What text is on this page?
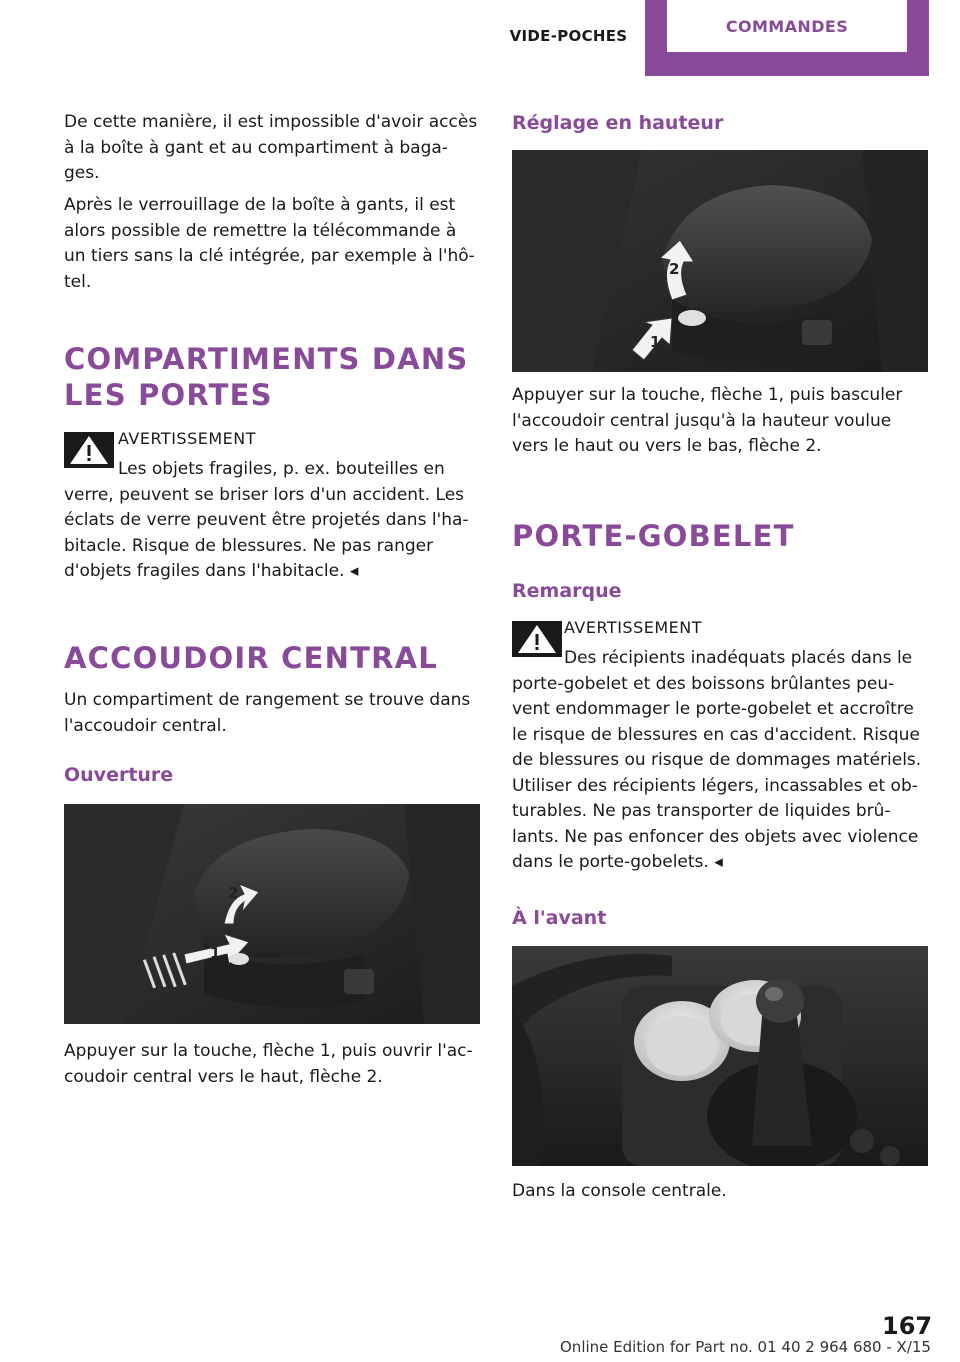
VIDE-POCHES
COMMANDES

De cette manière, il est impossible d'avoir accès à la boîte à gant et au compartiment à baga‐ges.

Après le verrouillage de la boîte à gants, il est alors possible de remettre la télécommande à un tiers sans la clé intégrée, par exemple à l'hô‐tel.

COMPARTIMENTS DANS LES PORTES
AVERTISSEMENT

Les objets fragiles, p. ex. bouteilles en verre, peuvent se briser lors d'un accident. Les éclats de verre peuvent être projetés dans l'ha‐bitacle. Risque de blessures. Ne pas ranger d'objets fragiles dans l'habitacle. ◂

ACCOUDOIR CENTRAL

Un compartiment de rangement se trouve dans l'accoudoir central.

Ouverture
1
2

Appuyer sur la touche, flèche 1, puis ouvrir l'ac‐coudoir central vers le haut, flèche 2.

Réglage en hauteur
1
2

Appuyer sur la touche, flèche 1, puis basculer l'accoudoir central jusqu'à la hauteur voulue vers le haut ou vers le bas, flèche 2.

PORTE-GOBELET
Remarque
AVERTISSEMENT

Des récipients inadéquats placés dans le porte-gobelet et des boissons brûlantes peu‐vent endommager le porte-gobelet et accroître le risque de blessures en cas d'accident. Risque de blessures ou risque de dommages matériels. Utiliser des récipients légers, incassables et ob‐turables. Ne pas transporter de liquides brû‐lants. Ne pas enfoncer des objets avec violence dans le porte-gobelets. ◂

À l'avant

Dans la console centrale.

167
Online Edition for Part no. 01 40 2 964 680 - X/15
